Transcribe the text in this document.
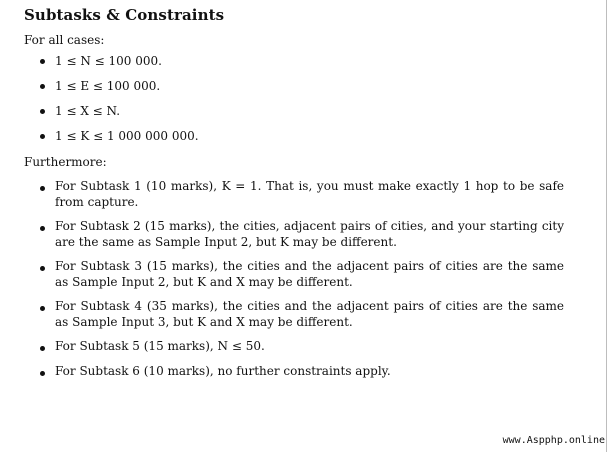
Subtasks & Constraints
For all cases:
1 ≤ N ≤ 100 000.
1 ≤ E ≤ 100 000.
1 ≤ X ≤ N.
1 ≤ K ≤ 1 000 000 000.
Furthermore:
For Subtask 1 (10 marks), K = 1. That is, you must make exactly 1 hop to be safe from capture.
For Subtask 2 (15 marks), the cities, adjacent pairs of cities, and your starting city are the same as Sample Input 2, but K may be different.
For Subtask 3 (15 marks), the cities and the adjacent pairs of cities are the same as Sample Input 2, but K and X may be different.
For Subtask 4 (35 marks), the cities and the adjacent pairs of cities are the same as Sample Input 3, but K and X may be different.
For Subtask 5 (15 marks), N ≤ 50.
For Subtask 6 (10 marks), no further constraints apply.
www.Aspphp.online
